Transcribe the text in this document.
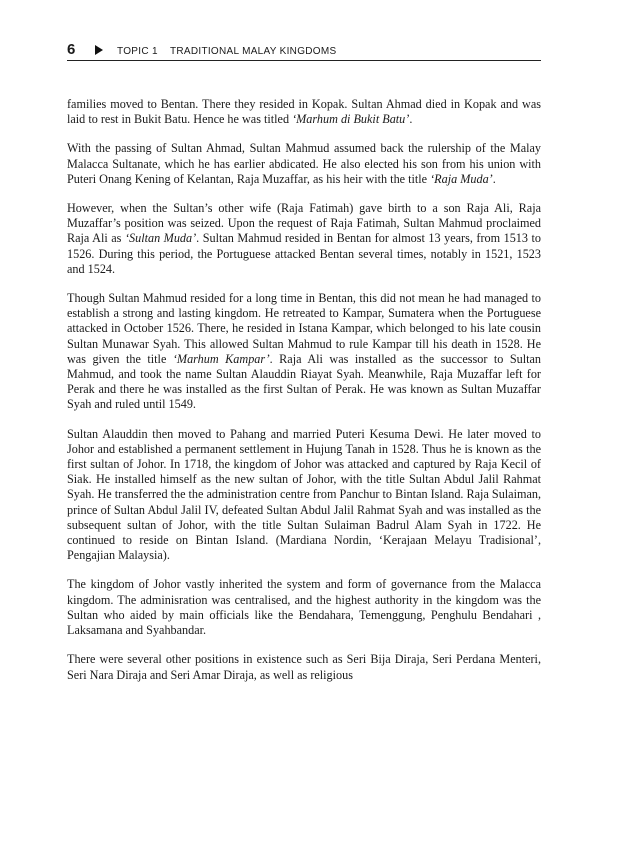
6	TOPIC 1    TRADITIONAL MALAY KINGDOMS

families moved to Bentan. There they resided in Kopak. Sultan Ahmad died in Kopak and was laid to rest in Bukit Batu. Hence he was titled ‘Marhum di Bukit Batu’.

With the passing of Sultan Ahmad, Sultan Mahmud assumed back the rulership of the Malay Malacca Sultanate, which he has earlier abdicated. He also elected his son from his union with Puteri Onang Kening of Kelantan, Raja Muzaffar, as his heir with the title ‘Raja Muda’.

However, when the Sultan’s other wife (Raja Fatimah) gave birth to a son Raja Ali, Raja Muzaffar’s position was seized. Upon the request of Raja Fatimah, Sultan Mahmud proclaimed Raja Ali as ‘Sultan Muda’. Sultan Mahmud resided in Bentan for almost 13 years, from 1513 to 1526. During this period, the Portuguese attacked Bentan several times, notably in 1521, 1523 and 1524.

Though Sultan Mahmud resided for a long time in Bentan, this did not mean he had managed to establish a strong and lasting kingdom. He retreated to Kampar, Sumatera when the Portuguese attacked in October 1526. There, he resided in Istana Kampar, which belonged to his late cousin Sultan Munawar Syah. This allowed Sultan Mahmud to rule Kampar till his death in 1528. He was given the title ‘Marhum Kampar’. Raja Ali was installed as the successor to Sultan Mahmud, and took the name Sultan Alauddin Riayat Syah. Meanwhile, Raja Muzaffar left for Perak and there he was installed as the first Sultan of Perak. He was known as Sultan Muzaffar Syah and ruled until 1549.

Sultan Alauddin then moved to Pahang and married Puteri Kesuma Dewi. He later moved to Johor and established a permanent settlement in Hujung Tanah in 1528. Thus he is known as the first sultan of Johor. In 1718, the kingdom of Johor was attacked and captured by Raja Kecil of Siak. He installed himself as the new sultan of Johor, with the title Sultan Abdul Jalil Rahmat Syah. He transferred the the administration centre from Panchur to Bintan Island. Raja Sulaiman, prince of Sultan Abdul Jalil IV, defeated Sultan Abdul Jalil Rahmat Syah and was installed as the subsequent sultan of Johor, with the title Sultan Sulaiman Badrul Alam Syah in 1722. He continued to reside on Bintan Island. (Mardiana Nordin, ‘Kerajaan Melayu Tradisional’, Pengajian Malaysia).

The kingdom of Johor vastly inherited the system and form of governance from the Malacca kingdom. The adminisration was centralised, and the highest authority in the kingdom was the Sultan who aided by main officials like the Bendahara, Temenggung, Penghulu Bendahari , Laksamana and Syahbandar.

There were several other positions in existence such as Seri Bija Diraja, Seri Perdana Menteri, Seri Nara Diraja and Seri Amar Diraja, as well as religious
